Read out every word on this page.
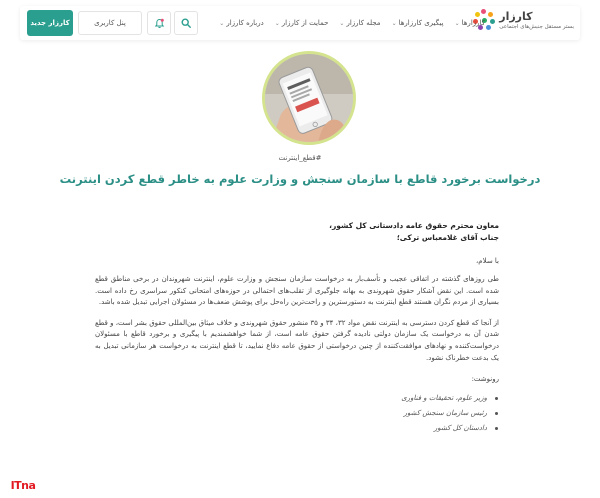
کارزار
بستر مستقل جنبش‌های اجتماعی
کارزارها
⌄
پیگیری کارزارها
⌄
مجله کارزار
⌄
حمایت از کارزار
⌄
درباره کارزار
⌄
پنل کاربری
کارزار جدید
#قطع_اینترنت
درخواست برخورد قاطع با سازمان سنجش و وزارت علوم به خاطر قطع کردن اینترنت
معاون محترم حقوق عامه دادستانی کل کشور،
جناب آقای غلامعباس ترکی؛
با سلام،

طی روزهای گذشته در اتفاقی عجیب و تأسف‌بار به درخواست سازمان سنجش و وزارت علوم، اینترنت شهروندان در برخی مناطق قطع شده است. این نقض آشکار حقوق شهروندی به بهانه جلوگیری از تقلب‌های احتمالی در حوزه‌های امتحانی کنکور سراسری رخ داده است. بسیاری از مردم نگران هستند قطع اینترنت به دستورسترین و راحت‌ترین راه‌حل برای پوشش ضعف‌ها در مسئولان اجرایی تبدیل شده باشد.

از آنجا که قطع کردن دسترسی به اینترنت نقض مواد ۳۲، ۳۴ و ۳۵ منشور حقوق شهروندی و خلاف میثاق بین‌المللی حقوق بشر است، و قطع شدن آن به درخواست یک سازمان دولتی نادیده گرفتن حقوق عامه است، از شما خواهشمندیم با پیگیری و برخورد قاطع با مسئولان درخواست‌کننده و نهادهای موافقت‌کننده از چنین درخواستی از حقوق عامه دفاع نمایید، تا قطع اینترنت به درخواست هر سازمانی تبدیل به یک بدعت خطرناک نشود.

رونوشت:
وزیر علوم، تحقیقات و فناوری
رئیس سازمان سنجش کشور
دادستان کل کشور
ITna
